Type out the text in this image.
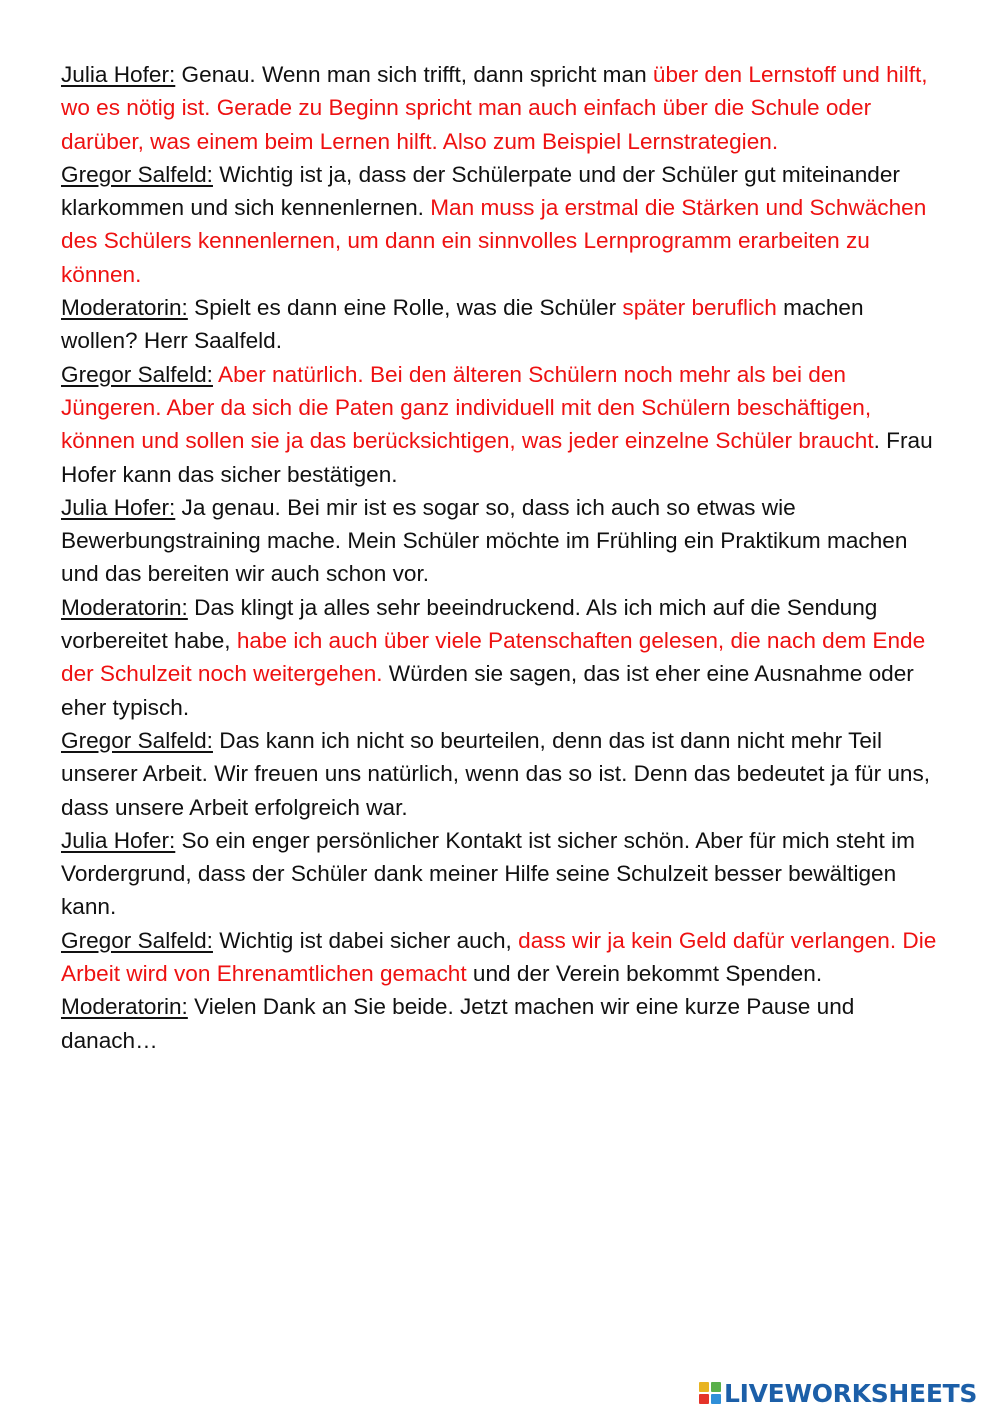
Julia Hofer: Genau. Wenn man sich trifft, dann spricht man über den Lernstoff und hilft, wo es nötig ist. Gerade zu Beginn spricht man auch einfach über die Schule oder darüber, was einem beim Lernen hilft. Also zum Beispiel Lernstrategien.

Gregor Salfeld: Wichtig ist ja, dass der Schülerpate und der Schüler gut miteinander klarkommen und sich kennenlernen. Man muss ja erstmal die Stärken und Schwächen des Schülers kennenlernen, um dann ein sinnvolles Lernprogramm erarbeiten zu können.

Moderatorin: Spielt es dann eine Rolle, was die Schüler später beruflich machen wollen? Herr Saalfeld.

Gregor Salfeld: Aber natürlich. Bei den älteren Schülern noch mehr als bei den Jüngeren. Aber da sich die Paten ganz individuell mit den Schülern beschäftigen, können und sollen sie ja das berücksichtigen, was jeder einzelne Schüler braucht. Frau Hofer kann das sicher bestätigen.

Julia Hofer: Ja genau. Bei mir ist es sogar so, dass ich auch so etwas wie Bewerbungstraining mache. Mein Schüler möchte im Frühling ein Praktikum machen und das bereiten wir auch schon vor.

Moderatorin: Das klingt ja alles sehr beeindruckend. Als ich mich auf die Sendung vorbereitet habe, habe ich auch über viele Patenschaften gelesen, die nach dem Ende der Schulzeit noch weitergehen. Würden sie sagen, das ist eher eine Ausnahme oder eher typisch.

Gregor Salfeld: Das kann ich nicht so beurteilen, denn das ist dann nicht mehr Teil unserer Arbeit. Wir freuen uns natürlich, wenn das so ist. Denn das bedeutet ja für uns, dass unsere Arbeit erfolgreich war.

Julia Hofer: So ein enger persönlicher Kontakt ist sicher schön. Aber für mich steht im Vordergrund, dass der Schüler dank meiner Hilfe seine Schulzeit besser bewältigen kann.

Gregor Salfeld: Wichtig ist dabei sicher auch, dass wir ja kein Geld dafür verlangen. Die Arbeit wird von Ehrenamtlichen gemacht und der Verein bekommt Spenden.

Moderatorin: Vielen Dank an Sie beide. Jetzt machen wir eine kurze Pause und danach…

LIVEWORKSHEETS
